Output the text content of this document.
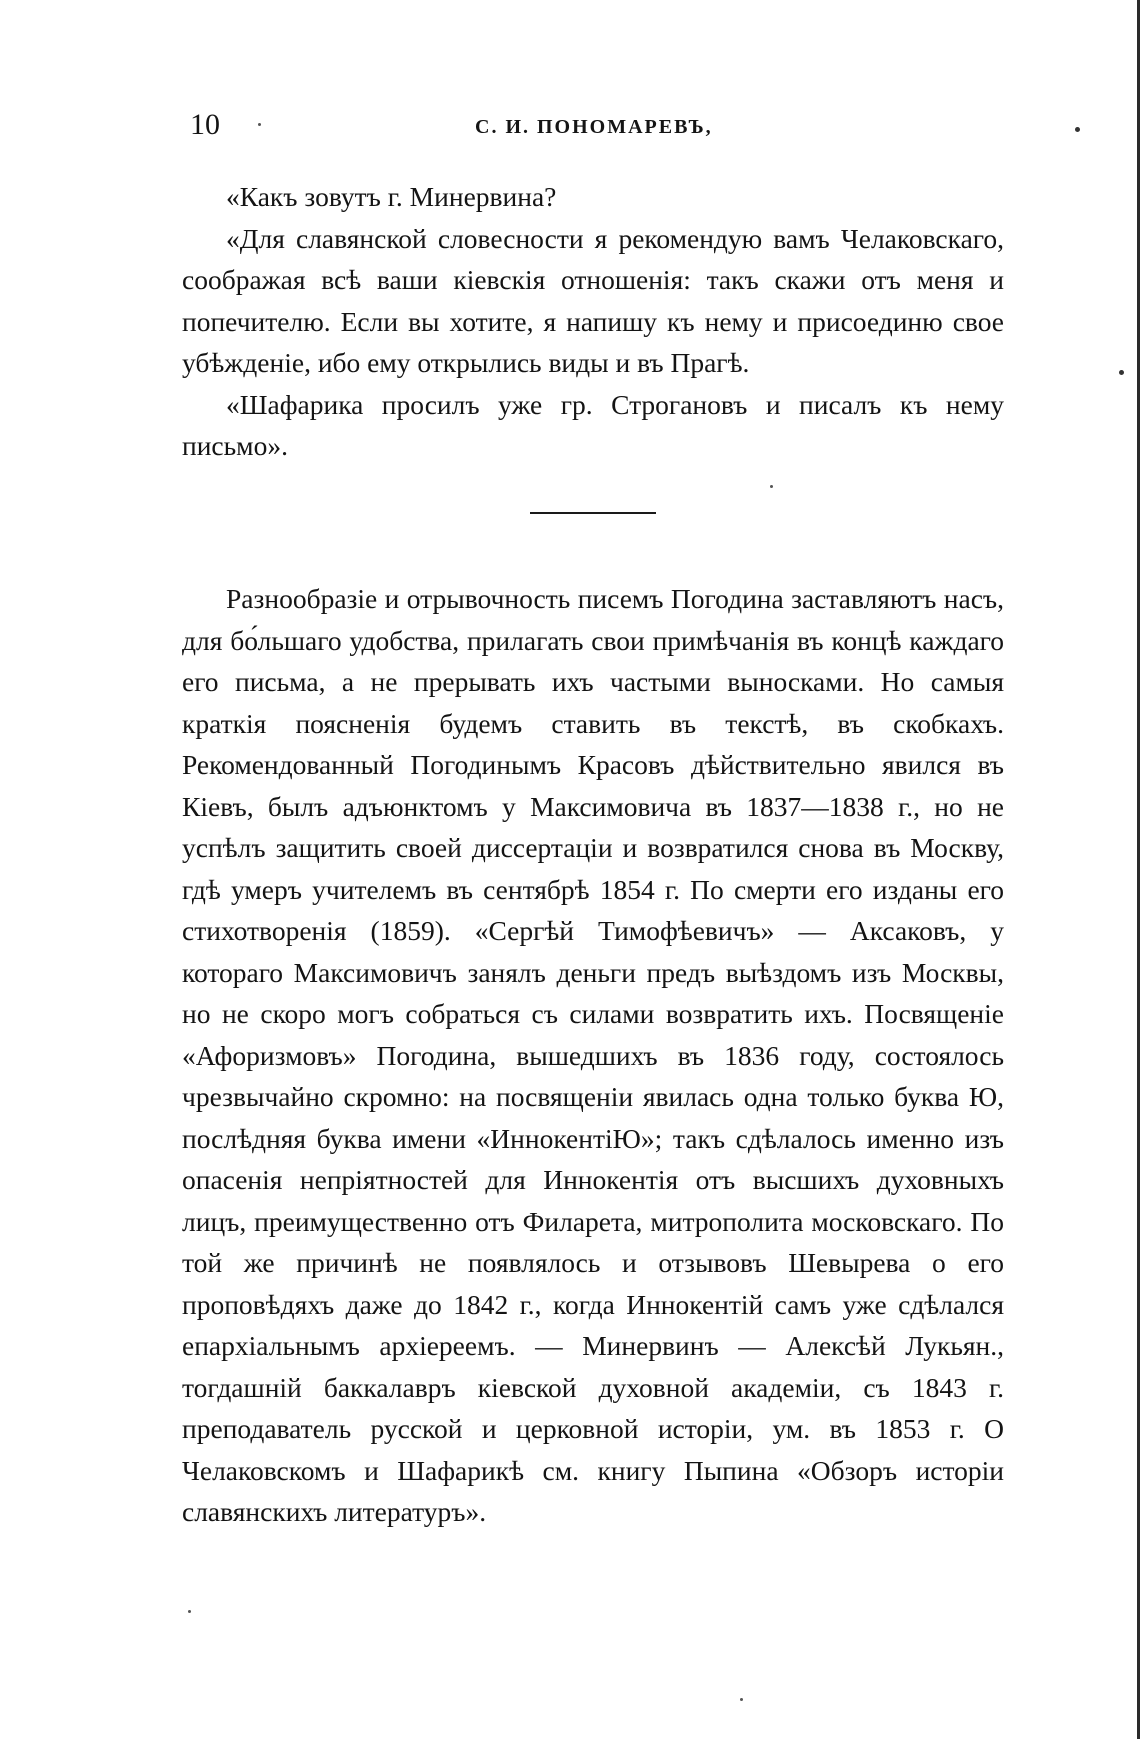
10	С. И. ПОНОМАРЕВЪ,

«Какъ зовутъ г. Минервина?

«Для славянской словесности я рекомендую вамъ Челаковскаго, соображая всѣ ваши кіевскія отношенія: такъ скажи отъ меня и попечителю. Если вы хотите, я напишу къ нему и присоединю свое убѣжденіе, ибо ему открылись виды и въ Прагѣ.

«Шафарика просилъ уже гр. Строгановъ и писалъ къ нему письмо».

Разнообразіе и отрывочность писемъ Погодина заставляютъ насъ, для бо́льшаго удобства, прилагать свои примѣчанія въ концѣ каждаго его письма, а не прерывать ихъ частыми выносками. Но самыя краткія поясненія будемъ ставить въ текстѣ, въ скобкахъ. Рекомендованный Погодинымъ Красовъ дѣйствительно явился въ Кіевъ, былъ адъюнктомъ у Максимовича въ 1837—1838 г., но не успѣлъ защитить своей диссертаціи и возвратился снова въ Москву, гдѣ умеръ учителемъ въ сентябрѣ 1854 г. По смерти его изданы его стихотворенія (1859). «Сергѣй Тимофѣевичъ» — Аксаковъ, у котораго Максимовичъ занялъ деньги предъ выѣздомъ изъ Москвы, но не скоро могъ собраться съ силами возвратить ихъ. Посвященіе «Афоризмовъ» Погодина, вышедшихъ въ 1836 году, состоялось чрезвычайно скромно: на посвященіи явилась одна только буква Ю, послѣдняя буква имени «ИннокентіЮ»; такъ сдѣлалось именно изъ опасенія непріятностей для Иннокентія отъ высшихъ духовныхъ лицъ, преимущественно отъ Филарета, митрополита московскаго. По той же причинѣ не появлялось и отзывовъ Шевырева о его проповѣдяхъ даже до 1842 г., когда Иннокентій самъ уже сдѣлался епархіальнымъ архіереемъ. — Минервинъ — Алексѣй Лукьян., тогдашній баккалавръ кіевской духовной академіи, съ 1843 г. преподаватель русской и церковной исторіи, ум. въ 1853 г. О Челаковскомъ и Шафарикѣ см. книгу Пыпина «Обзоръ исторіи славянскихъ литературъ».
